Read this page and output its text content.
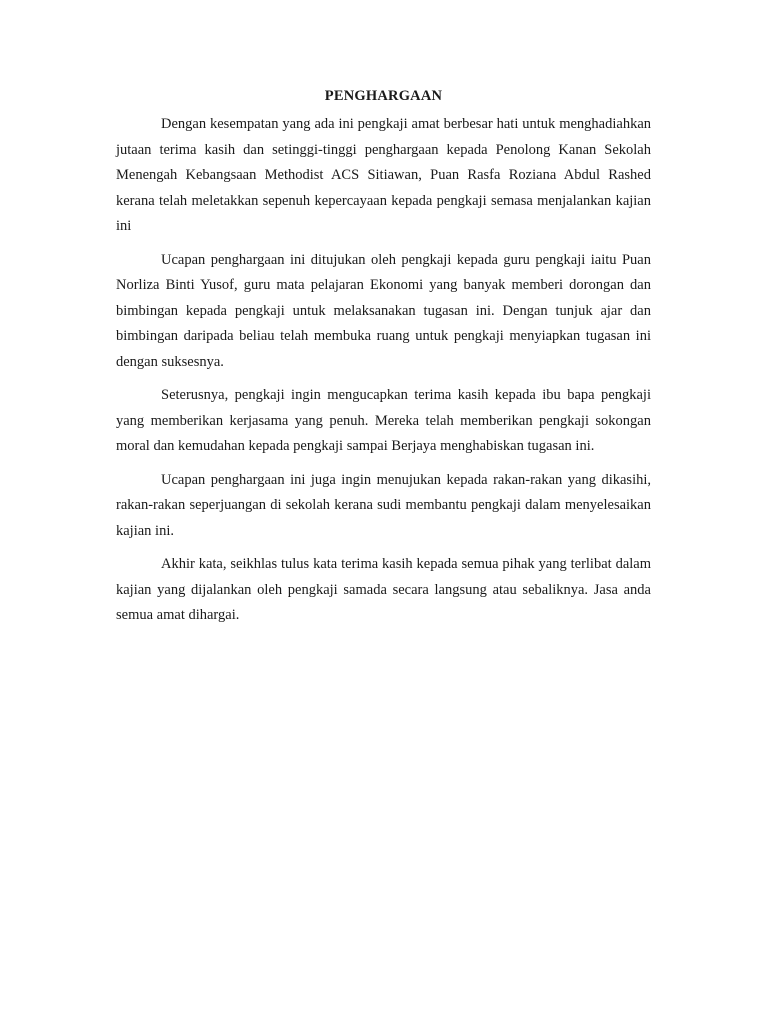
PENGHARGAAN

Dengan kesempatan yang ada ini pengkaji amat berbesar hati untuk menghadiahkan jutaan terima kasih dan setinggi-tinggi penghargaan kepada Penolong Kanan Sekolah Menengah Kebangsaan Methodist ACS Sitiawan, Puan Rasfa Roziana Abdul Rashed kerana telah meletakkan sepenuh kepercayaan kepada pengkaji semasa menjalankan kajian ini

Ucapan penghargaan ini ditujukan oleh pengkaji kepada guru pengkaji iaitu Puan Norliza Binti Yusof, guru mata pelajaran Ekonomi yang banyak memberi dorongan dan bimbingan kepada pengkaji untuk melaksanakan tugasan ini. Dengan tunjuk ajar dan bimbingan daripada beliau telah membuka ruang untuk pengkaji menyiapkan tugasan ini dengan suksesnya.

Seterusnya, pengkaji ingin mengucapkan terima kasih kepada ibu bapa pengkaji yang memberikan kerjasama yang penuh. Mereka telah memberikan pengkaji sokongan moral dan kemudahan kepada pengkaji sampai Berjaya menghabiskan tugasan ini.

Ucapan penghargaan ini juga ingin menujukan kepada rakan-rakan yang dikasihi, rakan-rakan seperjuangan di sekolah kerana sudi membantu pengkaji dalam menyelesaikan kajian ini.

Akhir kata, seikhlas tulus kata terima kasih kepada semua pihak yang terlibat dalam kajian yang dijalankan oleh pengkaji samada secara langsung atau sebaliknya. Jasa anda semua amat dihargai.
